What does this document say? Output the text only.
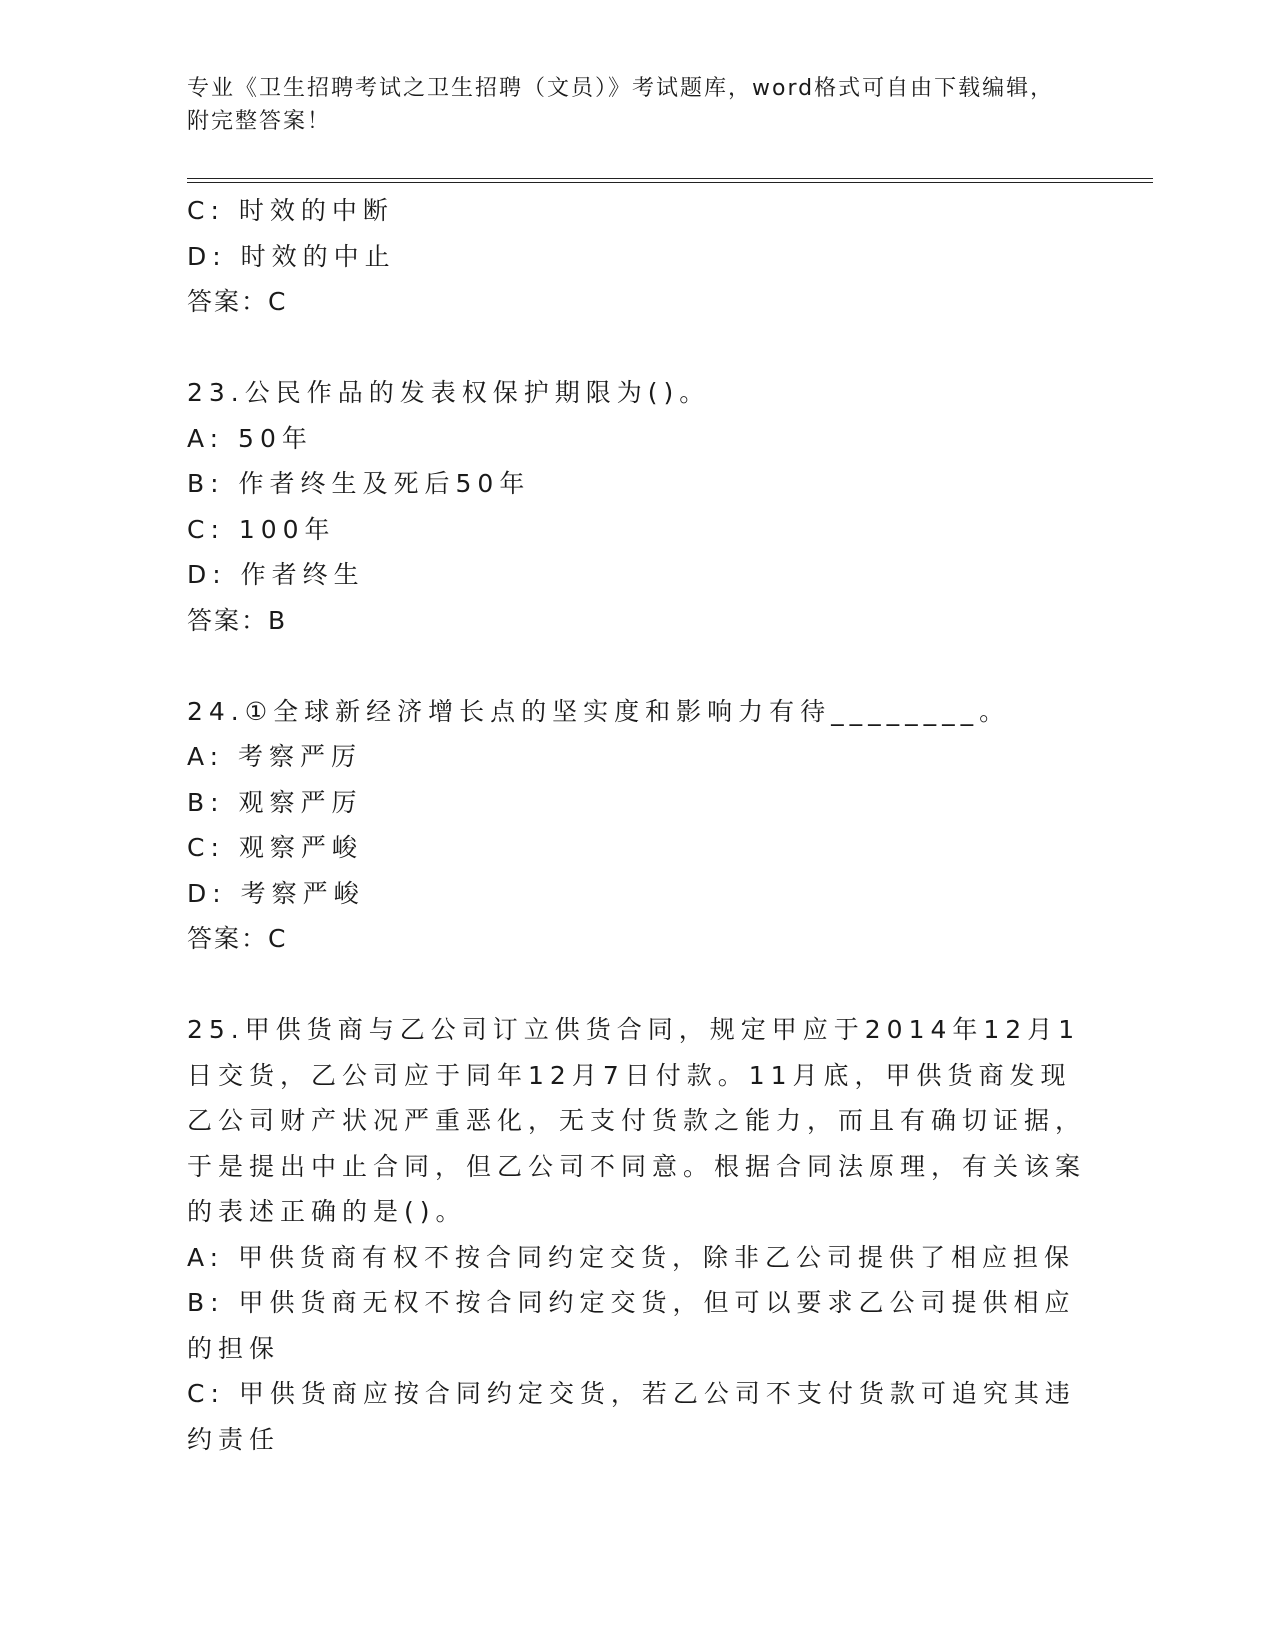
专业《卫生招聘考试之卫生招聘（文员）》考试题库，word格式可自由下载编辑，附完整答案！
C: 时效的中断
D: 时效的中止
答案：C
23.公民作品的发表权保护期限为()。
A: 50年
B: 作者终生及死后50年
C: 100年
D: 作者终生
答案：B
24.①全球新经济增长点的坚实度和影响力有待________。
A: 考察严厉
B: 观察严厉
C: 观察严峻
D: 考察严峻
答案：C
25.甲供货商与乙公司订立供货合同，规定甲应于2014年12月1日交货，乙公司应于同年12月7日付款。11月底，甲供货商发现乙公司财产状况严重恶化，无支付货款之能力，而且有确切证据，于是提出中止合同，但乙公司不同意。根据合同法原理，有关该案的表述正确的是()。
A: 甲供货商有权不按合同约定交货，除非乙公司提供了相应担保
B: 甲供货商无权不按合同约定交货，但可以要求乙公司提供相应的担保
C: 甲供货商应按合同约定交货，若乙公司不支付货款可追究其违约责任
